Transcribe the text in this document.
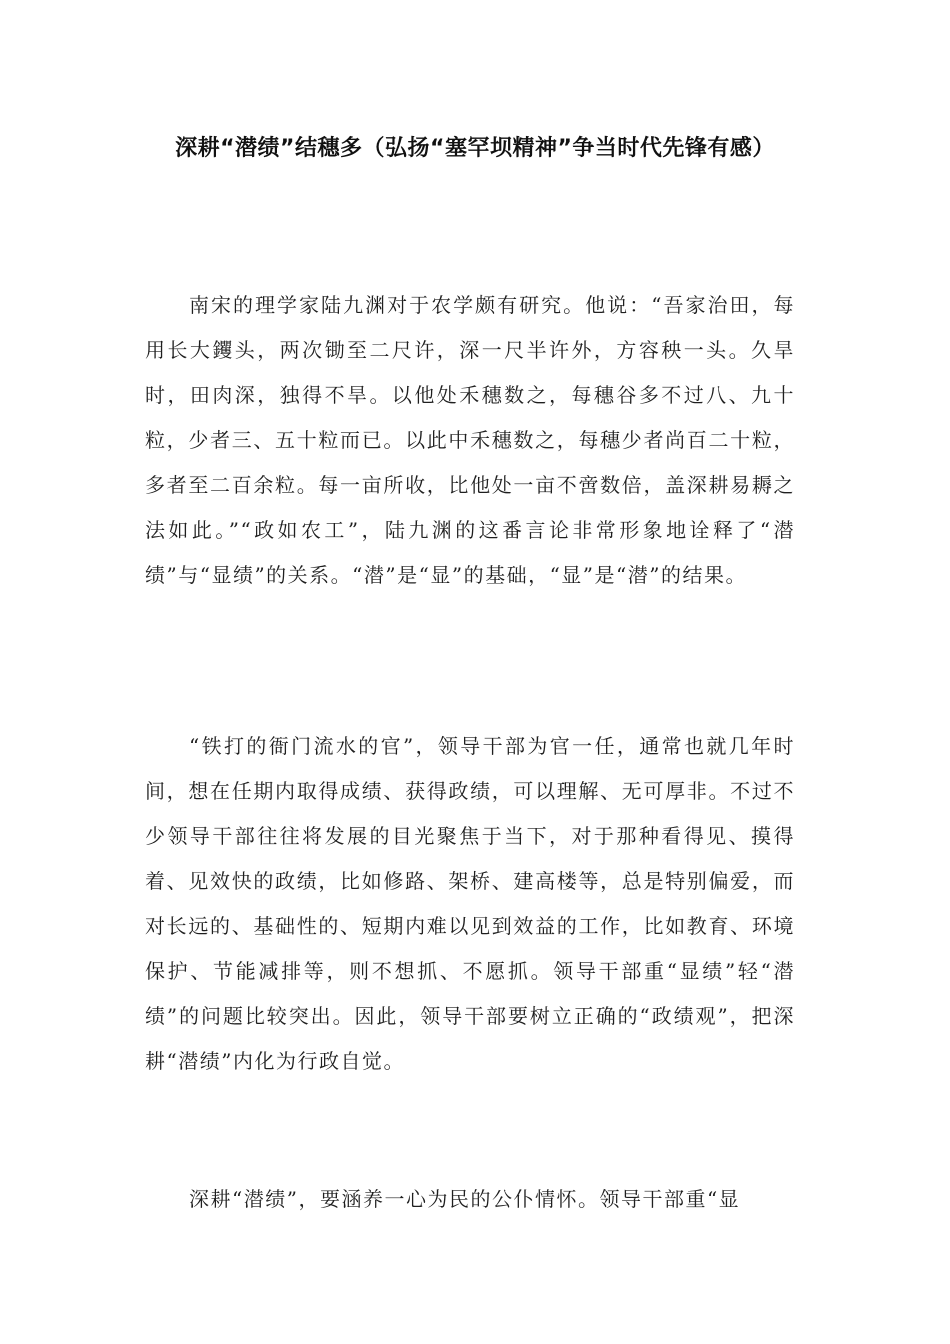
深耕“潜绩”结穗多（弘扬“塞罕坝精神”争当时代先锋有感）

南宋的理学家陆九渊对于农学颇有研究。他说：“吾家治田，每用长大钁头，两次锄至二尺许，深一尺半许外，方容秧一头。久旱时，田肉深，独得不旱。以他处禾穗数之，每穗谷多不过八、九十粒，少者三、五十粒而已。以此中禾穗数之，每穗少者尚百二十粒，多者至二百余粒。每一亩所收，比他处一亩不啻数倍，盖深耕易耨之法如此。”“政如农工”，陆九渊的这番言论非常形象地诠释了“潜绩”与“显绩”的关系。“潜”是“显”的基础，“显”是“潜”的结果。

“铁打的衙门流水的官”，领导干部为官一任，通常也就几年时间，想在任期内取得成绩、获得政绩，可以理解、无可厚非。不过不少领导干部往往将发展的目光聚焦于当下，对于那种看得见、摸得着、见效快的政绩，比如修路、架桥、建高楼等，总是特别偏爱，而对长远的、基础性的、短期内难以见到效益的工作，比如教育、环境保护、节能减排等，则不想抓、不愿抓。领导干部重“显绩”轻“潜绩”的问题比较突出。因此，领导干部要树立正确的“政绩观”，把深耕“潜绩”内化为行政自觉。

深耕“潜绩”，要涵养一心为民的公仆情怀。领导干部重“显
